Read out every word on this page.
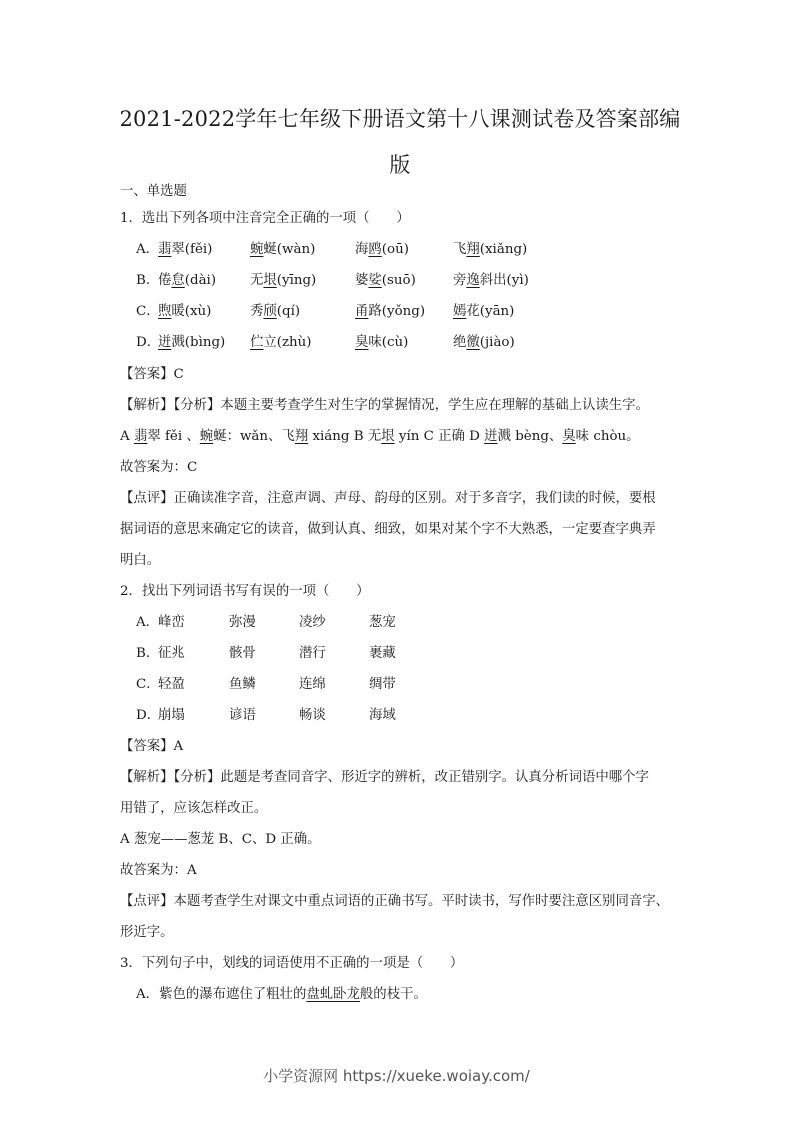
2021-2022学年七年级下册语文第十八课测试卷及答案部编
版
一、单选题
1．选出下列各项中注音完全正确的一项（　　）
A．
翡翠(fěi)	蜿蜒(wàn)	海鸥(oū)	飞翔(xiǎng)
B．
倦怠(dài)	无垠(yīng)	婆娑(suō)	旁逸斜出(yì)
C．
煦暖(xù)	秀颀(qí)	甬路(yǒng) 嫣花(yān)
D．
迸溅(bìng) 伫立(zhù)	臭味(cù)	绝徼(jiào)
【答案】C
【解析】【分析】本题主要考查学生对生字的掌握情况，学生应在理解的基础上认读生字。
A 翡翠 fěi 、蜿蜒：wǎn、飞翔 xiáng B 无垠 yín C 正确 D 迸溅 bèng、臭味 chòu。
故答案为：C
【点评】正确读准字音，注意声调、声母、韵母的区别。对于多音字，我们读的时候，要根
据词语的意思来确定它的读音，做到认真、细致，如果对某个字不大熟悉，一定要查字典弄
明白。
2．找出下列词语书写有误的一项（　　）
A．
峰峦	弥漫	凌纱	葱宠
B．
征兆	骸骨	潜行	裹藏
C．
轻盈	鱼鳞	连绵	绸带
D．
崩塌	谚语	畅谈	海域
【答案】A
【解析】【分析】此题是考查同音字、形近字的辨析，改正错别字。认真分析词语中哪个字
用错了，应该怎样改正。
A 葱宠——葱茏 B、C、D 正确。
故答案为：A
【点评】本题考查学生对课文中重点词语的正确书写。平时读书，写作时要注意区别同音字、
形近字。
3．下列句子中，划线的词语使用不正确的一项是（　　）
A．紫色的瀑布遮住了粗壮的盘虬卧龙般的枝干。
小学资源网 https://xueke.woiay.com/
